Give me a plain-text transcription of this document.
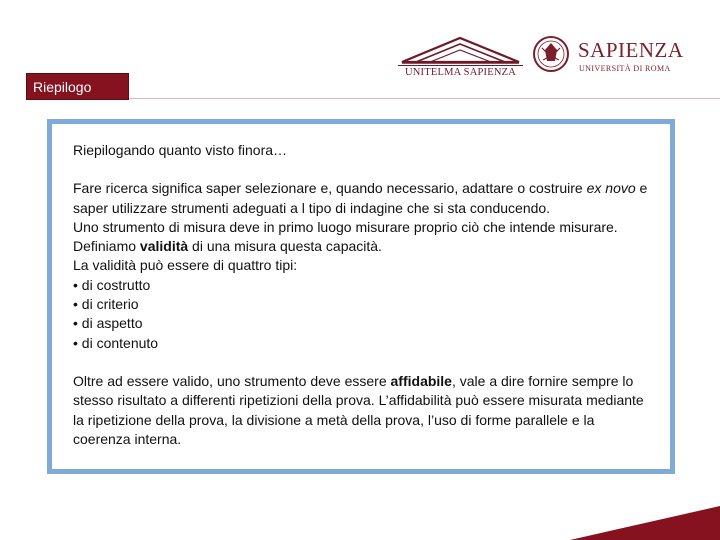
UNITELMA SAPIENZA
SAPIENZA
UNIVERSITÀ DI ROMA
Riepilogo

Riepilogando quanto visto finora…

Fare ricerca significa saper selezionare e, quando necessario, adattare o costruire ex novo e saper utilizzare strumenti adeguati a l tipo di indagine che si sta conducendo.

Uno strumento di misura deve in primo luogo misurare proprio ciò che intende misurare. Definiamo validità di una misura questa capacità.

La validità può essere di quattro tipi:

• di costrutto

• di criterio

• di aspetto

• di contenuto

Oltre ad essere valido, uno strumento deve essere affidabile, vale a dire fornire sempre lo stesso risultato a differenti ripetizioni della prova. L’affidabilità può essere misurata mediante la ripetizione della prova, la divisione a metà della prova, l’uso di forme parallele e la coerenza interna.
